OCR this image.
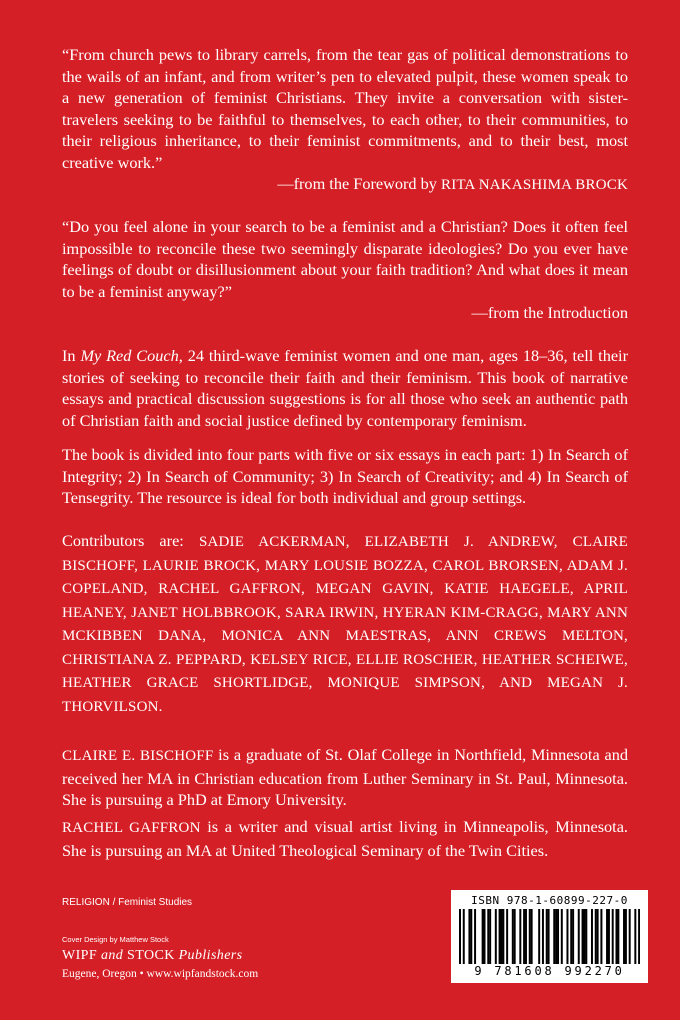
“From church pews to library carrels, from the tear gas of political demonstrations to the wails of an infant, and from writer’s pen to elevated pulpit, these women speak to a new generation of feminist Christians. They invite a conversation with sister-travelers seeking to be faithful to themselves, to each other, to their communities, to their religious inheritance, to their feminist commitments, and to their best, most creative work.”

—from the Foreword by RITA NAKASHIMA BROCK

“Do you feel alone in your search to be a feminist and a Christian? Does it often feel impossible to reconcile these two seemingly disparate ideologies? Do you ever have feelings of doubt or disillusionment about your faith tradition? And what does it mean to be a feminist anyway?”

—from the Introduction

In My Red Couch, 24 third-wave feminist women and one man, ages 18–36, tell their stories of seeking to reconcile their faith and their feminism. This book of narrative essays and practical discussion suggestions is for all those who seek an authentic path of Christian faith and social justice defined by contemporary feminism.

The book is divided into four parts with five or six essays in each part: 1) In Search of Integrity; 2) In Search of Community; 3) In Search of Creativity; and 4) In Search of Tensegrity. The resource is ideal for both individual and group settings.

Contributors are: SADIE ACKERMAN, ELIZABETH J. ANDREW, CLAIRE BISCHOFF, LAURIE BROCK, MARY LOUSIE BOZZA, CAROL BRORSEN, ADAM J. COPELAND, RACHEL GAFFRON, MEGAN GAVIN, KATIE HAEGELE, APRIL HEANEY, JANET HOLBBROOK, SARA IRWIN, HYERAN KIM-CRAGG, MARY ANN MCKIBBEN DANA, MONICA ANN MAESTRAS, ANN CREWS MELTON, CHRISTIANA Z. PEPPARD, KELSEY RICE, ELLIE ROSCHER, HEATHER SCHEIWE, HEATHER GRACE SHORTLIDGE, MONIQUE SIMPSON, AND MEGAN J. THORVILSON.

CLAIRE E. BISCHOFF is a graduate of St. Olaf College in Northfield, Minnesota and received her MA in Christian education from Luther Seminary in St. Paul, Minnesota. She is pursuing a PhD at Emory University.

RACHEL GAFFRON is a writer and visual artist living in Minneapolis, Minnesota. She is pursuing an MA at United Theological Seminary of the Twin Cities.

RELIGION / Feminist Studies
Cover Design by Matthew Stock
WIPF and STOCK Publishers
Eugene, Oregon • www.wipfandstock.com
ISBN 978-1-60899-227-0
9 781608 992270
